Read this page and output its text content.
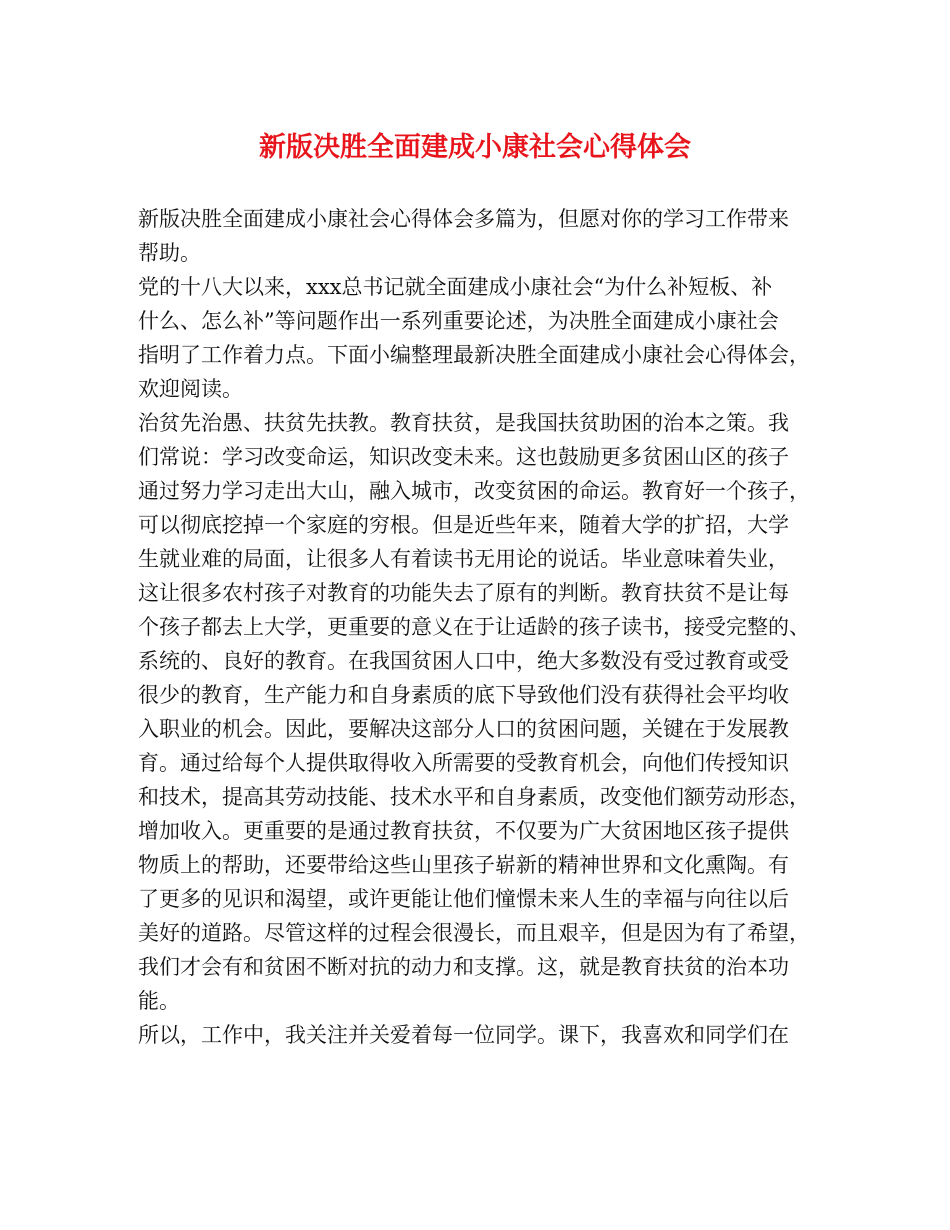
新版决胜全面建成小康社会心得体会
新版决胜全面建成小康社会心得体会多篇为，但愿对你的学习工作带来
帮助。
党的十八大以来，xxx总书记就全面建成小康社会“为什么补短板、补
什么、怎么补”等问题作出一系列重要论述，为决胜全面建成小康社会
指明了工作着力点。下面小编整理最新决胜全面建成小康社会心得体会，
欢迎阅读。
治贫先治愚、扶贫先扶教。教育扶贫，是我国扶贫助困的治本之策。我
们常说：学习改变命运，知识改变未来。这也鼓励更多贫困山区的孩子
通过努力学习走出大山，融入城市，改变贫困的命运。教育好一个孩子，
可以彻底挖掉一个家庭的穷根。但是近些年来，随着大学的扩招，大学
生就业难的局面，让很多人有着读书无用论的说话。毕业意味着失业，
这让很多农村孩子对教育的功能失去了原有的判断。教育扶贫不是让每
个孩子都去上大学，更重要的意义在于让适龄的孩子读书，接受完整的、
系统的、良好的教育。在我国贫困人口中，绝大多数没有受过教育或受
很少的教育，生产能力和自身素质的底下导致他们没有获得社会平均收
入职业的机会。因此，要解决这部分人口的贫困问题，关键在于发展教
育。通过给每个人提供取得收入所需要的受教育机会，向他们传授知识
和技术，提高其劳动技能、技术水平和自身素质，改变他们额劳动形态，
增加收入。更重要的是通过教育扶贫，不仅要为广大贫困地区孩子提供
物质上的帮助，还要带给这些山里孩子崭新的精神世界和文化熏陶。有
了更多的见识和渴望，或许更能让他们憧憬未来人生的幸福与向往以后
美好的道路。尽管这样的过程会很漫长，而且艰辛，但是因为有了希望，
我们才会有和贫困不断对抗的动力和支撑。这，就是教育扶贫的治本功
能。
所以，工作中，我关注并关爱着每一位同学。课下，我喜欢和同学们在
